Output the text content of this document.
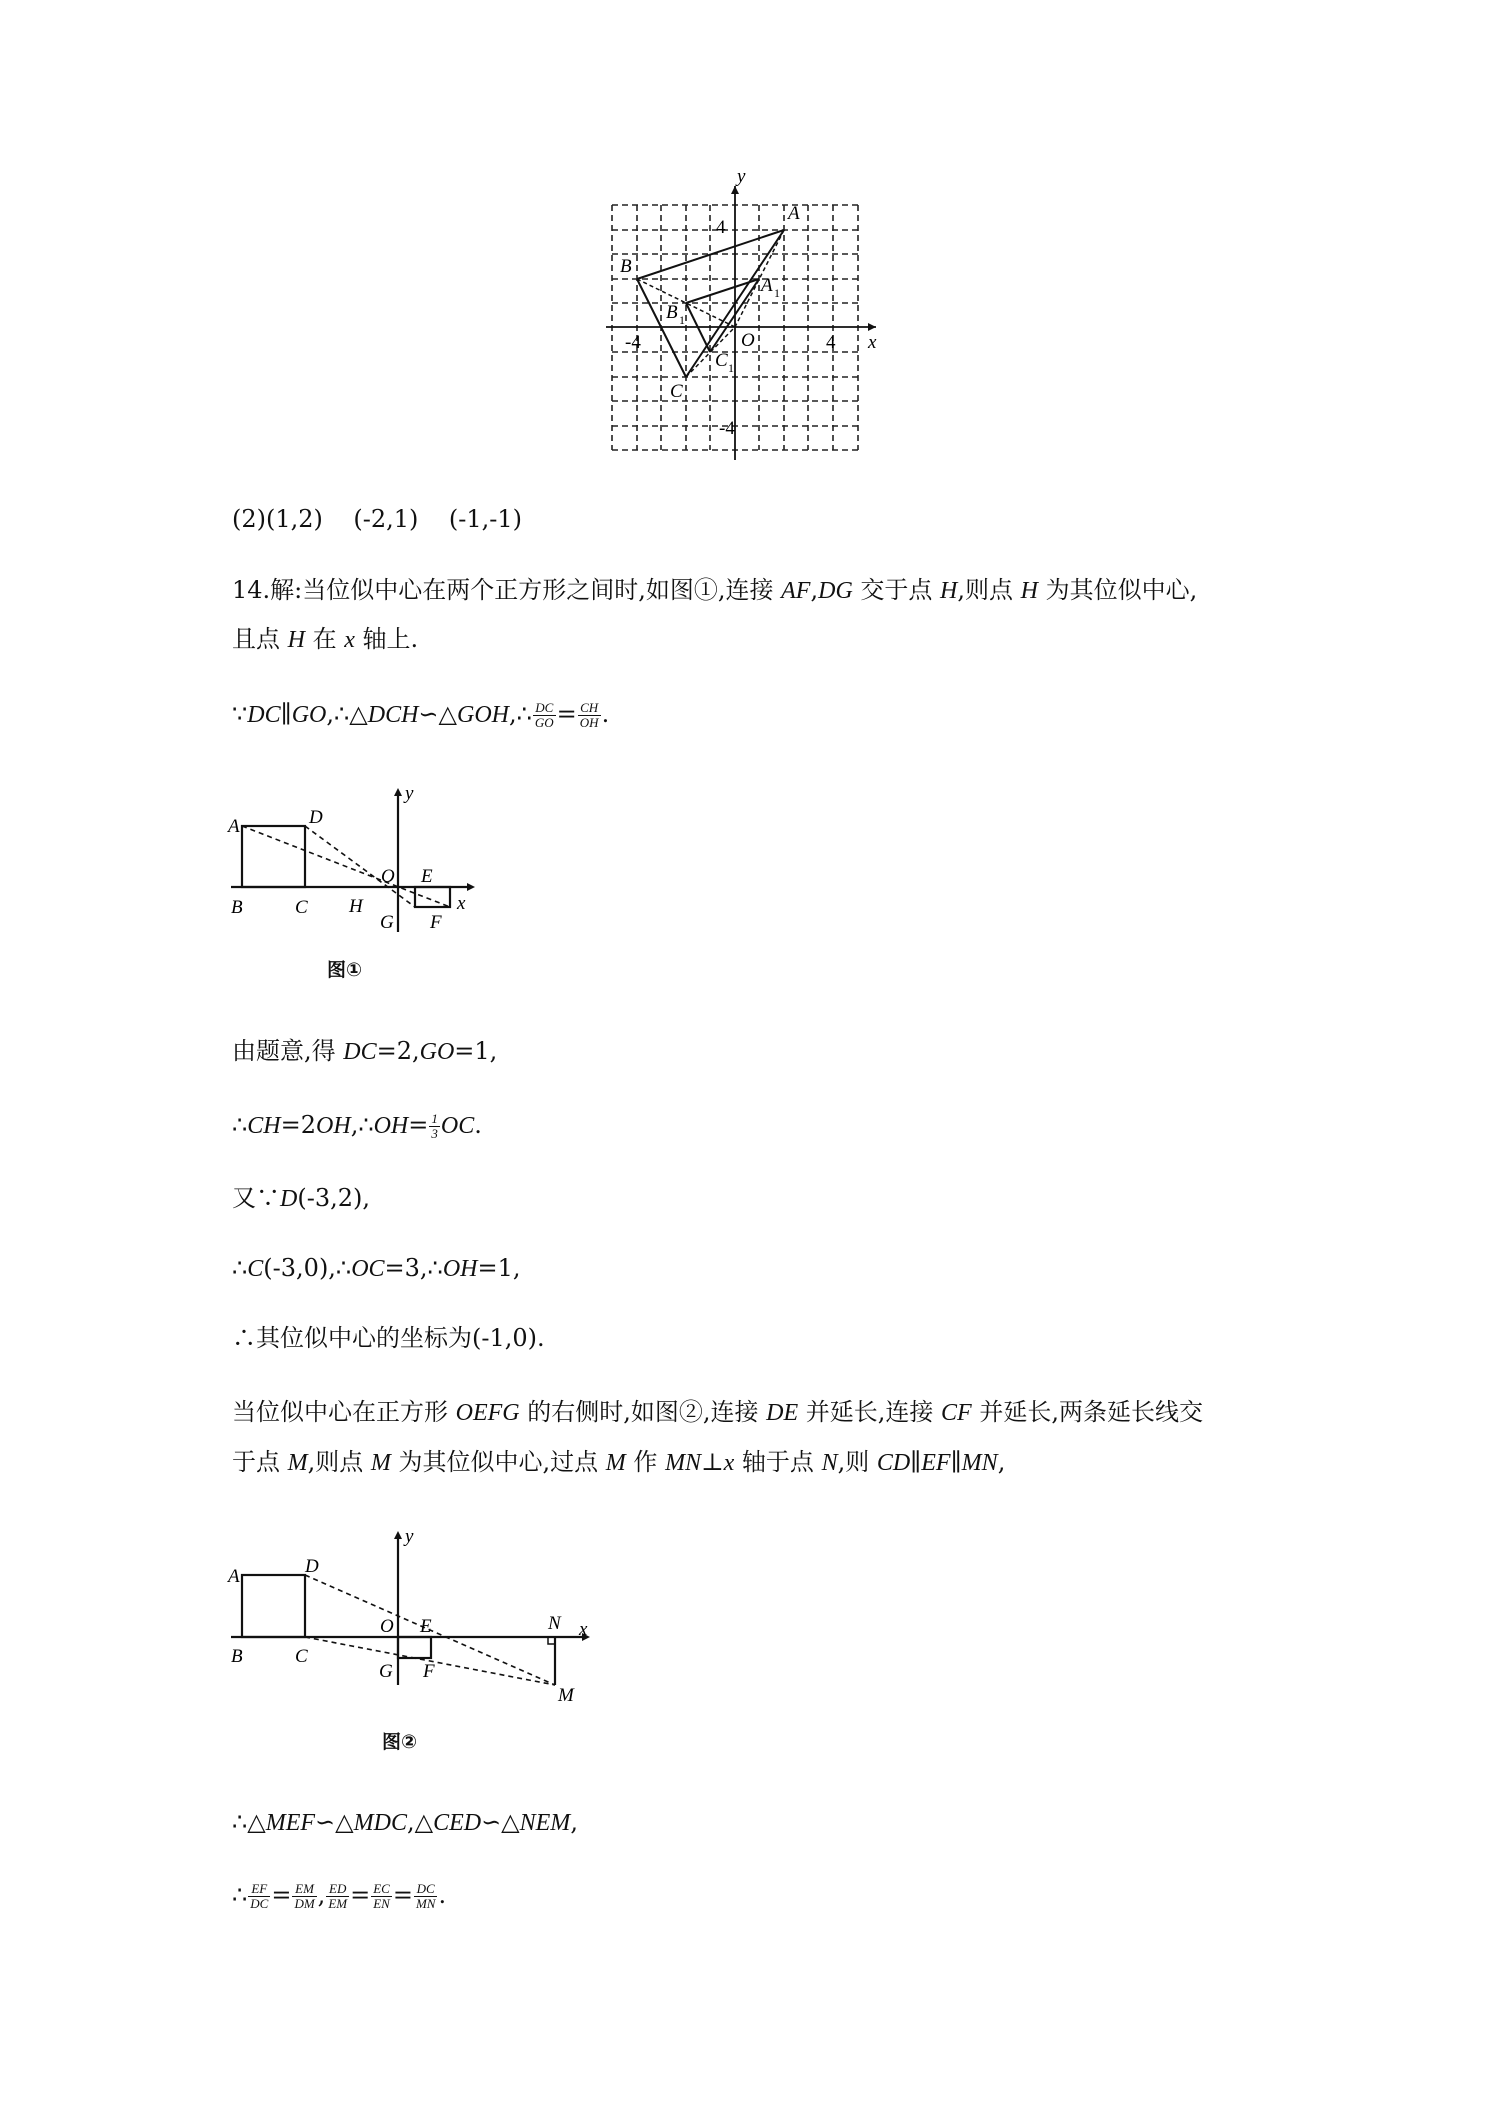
y
x
4
-4
-4	4
O
A
B
C
A 1
B 1
C 1
(2)(1,2)    (-2,1)    (-1,-1)
14.解:当位似中心在两个正方形之间时,如图①,连接 AF,DG 交于点 H,则点 H 为其位似中心,
且点 H 在 x 轴上.
∵DC∥GO,∴△DCH∽△GOH,∴ $\frac{DC}{GO} = \frac{CH}{OH}$ .
A	D
y
O E
x
B	C H
G F
图①
由题意,得 DC=2,GO=1,
∴CH=2OH,∴OH= $\frac{1}{3}$ OC.
又∵D(-3,2),
∴C(-3,0),∴OC=3,∴OH=1,
∴其位似中心的坐标为(-1,0).
当位似中心在正方形 OEFG 的右侧时,如图②,连接 DE 并延长,连接 CF 并延长,两条延长线交
于点 M,则点 M 为其位似中心,过点 M 作 MN⊥x 轴于点 N,则 CD∥EF∥MN,
A	D
y
O E	N x
B	C
G F
M
图②
∴△MEF∽△MDC,△CED∽△NEM,
∴ $\frac{EF}{DC} = \frac{EM}{DM}$ , $\frac{ED}{EM} = \frac{EC}{EN} = \frac{DC}{MN}$ .
